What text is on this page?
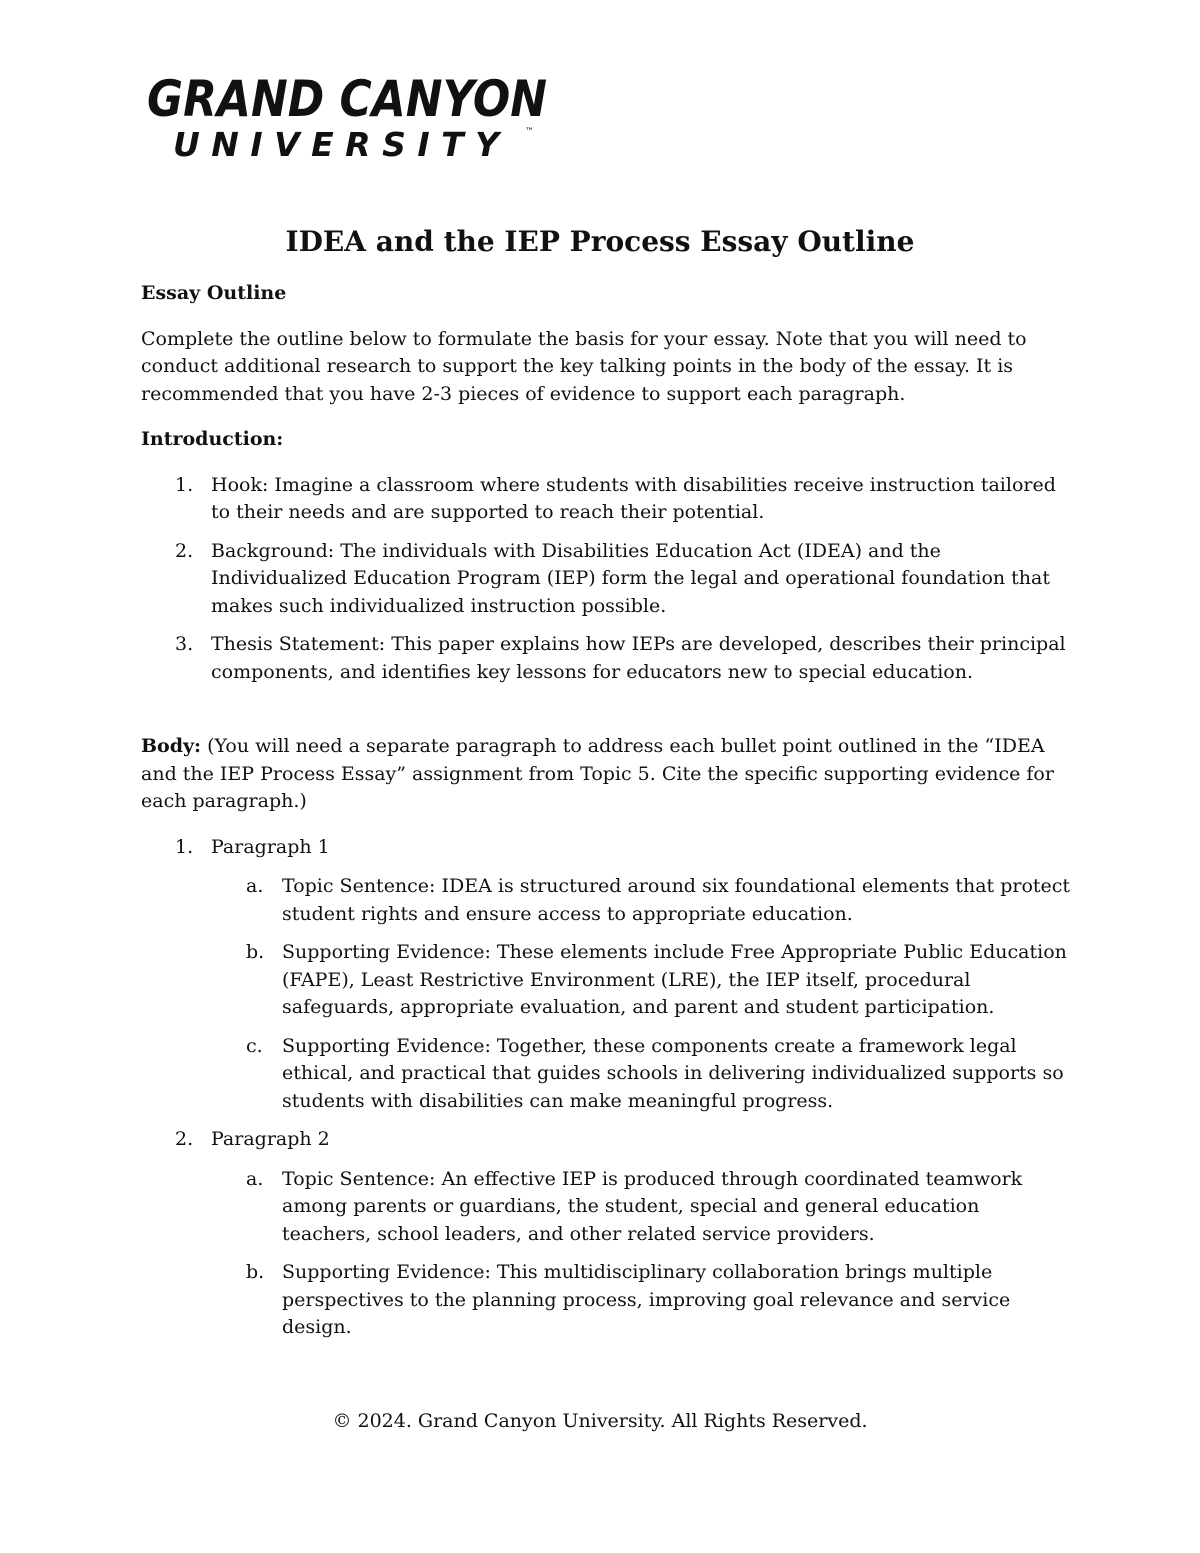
GRAND CANYON
UNIVERSITY ™
IDEA and the IEP Process Essay Outline

Essay Outline

Complete the outline below to formulate the basis for your essay. Note that you will need to conduct additional research to support the key talking points in the body of the essay. It is recommended that you have 2-3 pieces of evidence to support each paragraph.

Introduction:

1. Hook: Imagine a classroom where students with disabilities receive instruction tailored to their needs and are supported to reach their potential.
2. Background: The individuals with Disabilities Education Act (IDEA) and the Individualized Education Program (IEP) form the legal and operational foundation that makes such individualized instruction possible.
3. Thesis Statement: This paper explains how IEPs are developed, describes their principal components, and identifies key lessons for educators new to special education.

Body: (You will need a separate paragraph to address each bullet point outlined in the “IDEA and the IEP Process Essay” assignment from Topic 5. Cite the specific supporting evidence for each paragraph.)

1. Paragraph 1
a. Topic Sentence: IDEA is structured around six foundational elements that protect student rights and ensure access to appropriate education.
b. Supporting Evidence: These elements include Free Appropriate Public Education (FAPE), Least Restrictive Environment (LRE), the IEP itself, procedural safeguards, appropriate evaluation, and parent and student participation.
c.	Supporting Evidence: Together, these components create a framework legal ethical, and practical that guides schools in delivering individualized supports so students with disabilities can make meaningful progress.
2. Paragraph 2
a. Topic Sentence: An effective IEP is produced through coordinated teamwork among parents or guardians, the student, special and general education teachers, school leaders, and other related service providers.
b. Supporting Evidence: This multidisciplinary collaboration brings multiple perspectives to the planning process, improving goal relevance and service design.
© 2024. Grand Canyon University. All Rights Reserved.
